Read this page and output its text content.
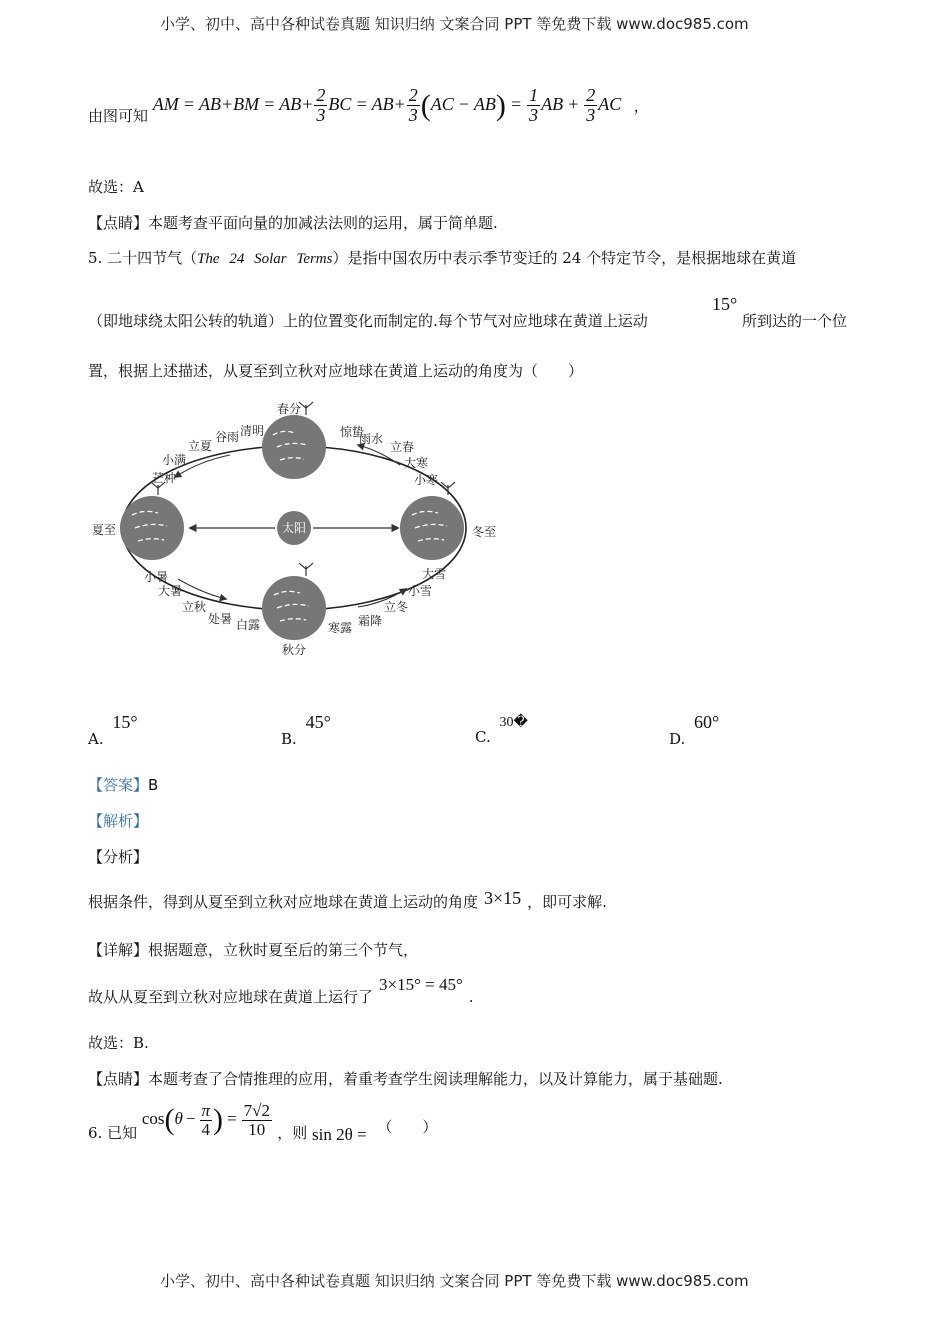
小学、初中、高中各种试卷真题 知识归纳 文案合同 PPT 等免费下载 www.doc985.com
由图可知 AM = $AB+BM = AB+ \frac{2}{3}$ BC = $AB+ \frac{2}{3} (AC - AB) = \frac{1}{3}$ AB + $\frac{2}{3}$ AC ，
故选：A
【点睛】本题考查平面向量的加减法法则的运用，属于简单题.
5. 二十四节气（The 24 Solar Terms）是指中国农历中表示季节变迁的 24 个特定节令，是根据地球在黄道
（即地球绕太阳公转的轨道）上的位置变化而制定的.每个节气对应地球在黄道上运动
15°
所到达的一个位
置，根据上述描述，从夏至到立秋对应地球在黄道上运动的角度为（　　）
太阳
春分
惊蛰
雨水
立春
大寒
小寒
冬至
大雪
小雪
立冬
霜降
寒露
秋分
白露
处暑
立秋
大暑
小暑
夏至
芒种
小满
立夏
谷雨 清明
A. 15°
B. 45°
C. 30�
D. 60°
【答案】B
【解析】
【分析】
根据条件，得到从夏至到立秋对应地球在黄道上运动的角度 3×15 ，即可求解.
【详解】根据题意，立秋时夏至后的第三个节气，
故从从夏至到立秋对应地球在黄道上运行了3×15° = 45°.
故选：B.
【点睛】本题考查了合情推理的应用，着重考查学生阅读理解能力，以及计算能力，属于基础题.
6. 已知 $\cos(\theta - \frac{\pi}{4}$ ) = $\frac{7√2}{10}$ ，则 sin 2θ = （　　）
小学、初中、高中各种试卷真题 知识归纳 文案合同 PPT 等免费下载 www.doc985.com
